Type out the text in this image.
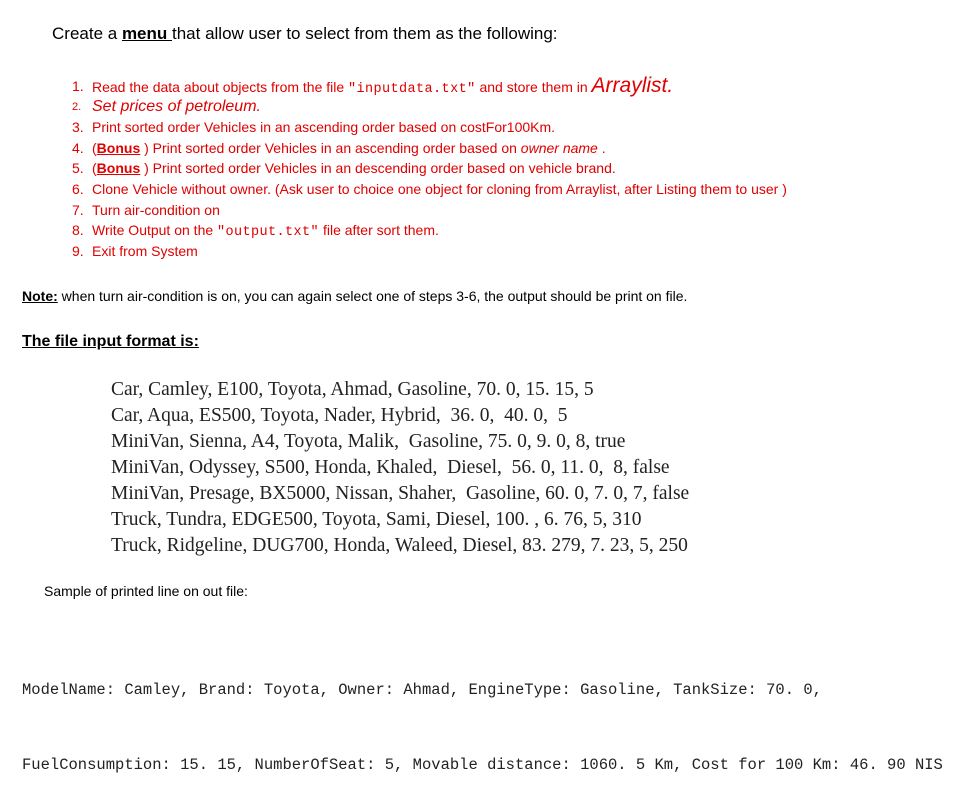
Create a menu that allow user to select from them as the following:
1. Read the data about objects from the file "inputdata.txt" and store them in Arraylist.
2. Set prices of petroleum.
3. Print sorted order Vehicles in an ascending order based on costFor100Km.
4. (Bonus ) Print sorted order Vehicles in an ascending order based on owner name .
5. (Bonus ) Print sorted order Vehicles in an descending order based on vehicle brand.
6. Clone Vehicle without owner. (Ask user to choice one object for cloning from Arraylist, after Listing them to user )
7. Turn air-condition on
8. Write Output on the "output.txt" file after sort them.
9. Exit from System
Note: when turn air-condition is on, you can again select one of steps 3-6, the output should be print on file.
The file input format is:
Car, Camley, E100, Toyota, Ahmad, Gasoline, 70. 0, 15. 15, 5
Car, Aqua, ES500, Toyota, Nader, Hybrid,  36. 0,  40. 0,  5
MiniVan, Sienna, A4, Toyota, Malik,  Gasoline, 75. 0, 9. 0, 8, true
MiniVan, Odyssey, S500, Honda, Khaled,  Diesel,  56. 0, 11. 0,  8, false
MiniVan, Presage, BX5000, Nissan, Shaher,  Gasoline, 60. 0, 7. 0, 7, false
Truck, Tundra, EDGE500, Toyota, Sami, Diesel, 100. , 6. 76, 5, 310
Truck, Ridgeline, DUG700, Honda, Waleed, Diesel, 83. 279, 7. 23, 5, 250
Sample of printed line on out file:

ModelName: Camley, Brand: Toyota, Owner: Ahmad, EngineType: Gasoline, TankSize: 70. 0,

FuelConsumption: 15. 15, NumberOfSeat: 5, Movable distance: 1060. 5 Km, Cost for 100 Km: 46. 90 NIS
